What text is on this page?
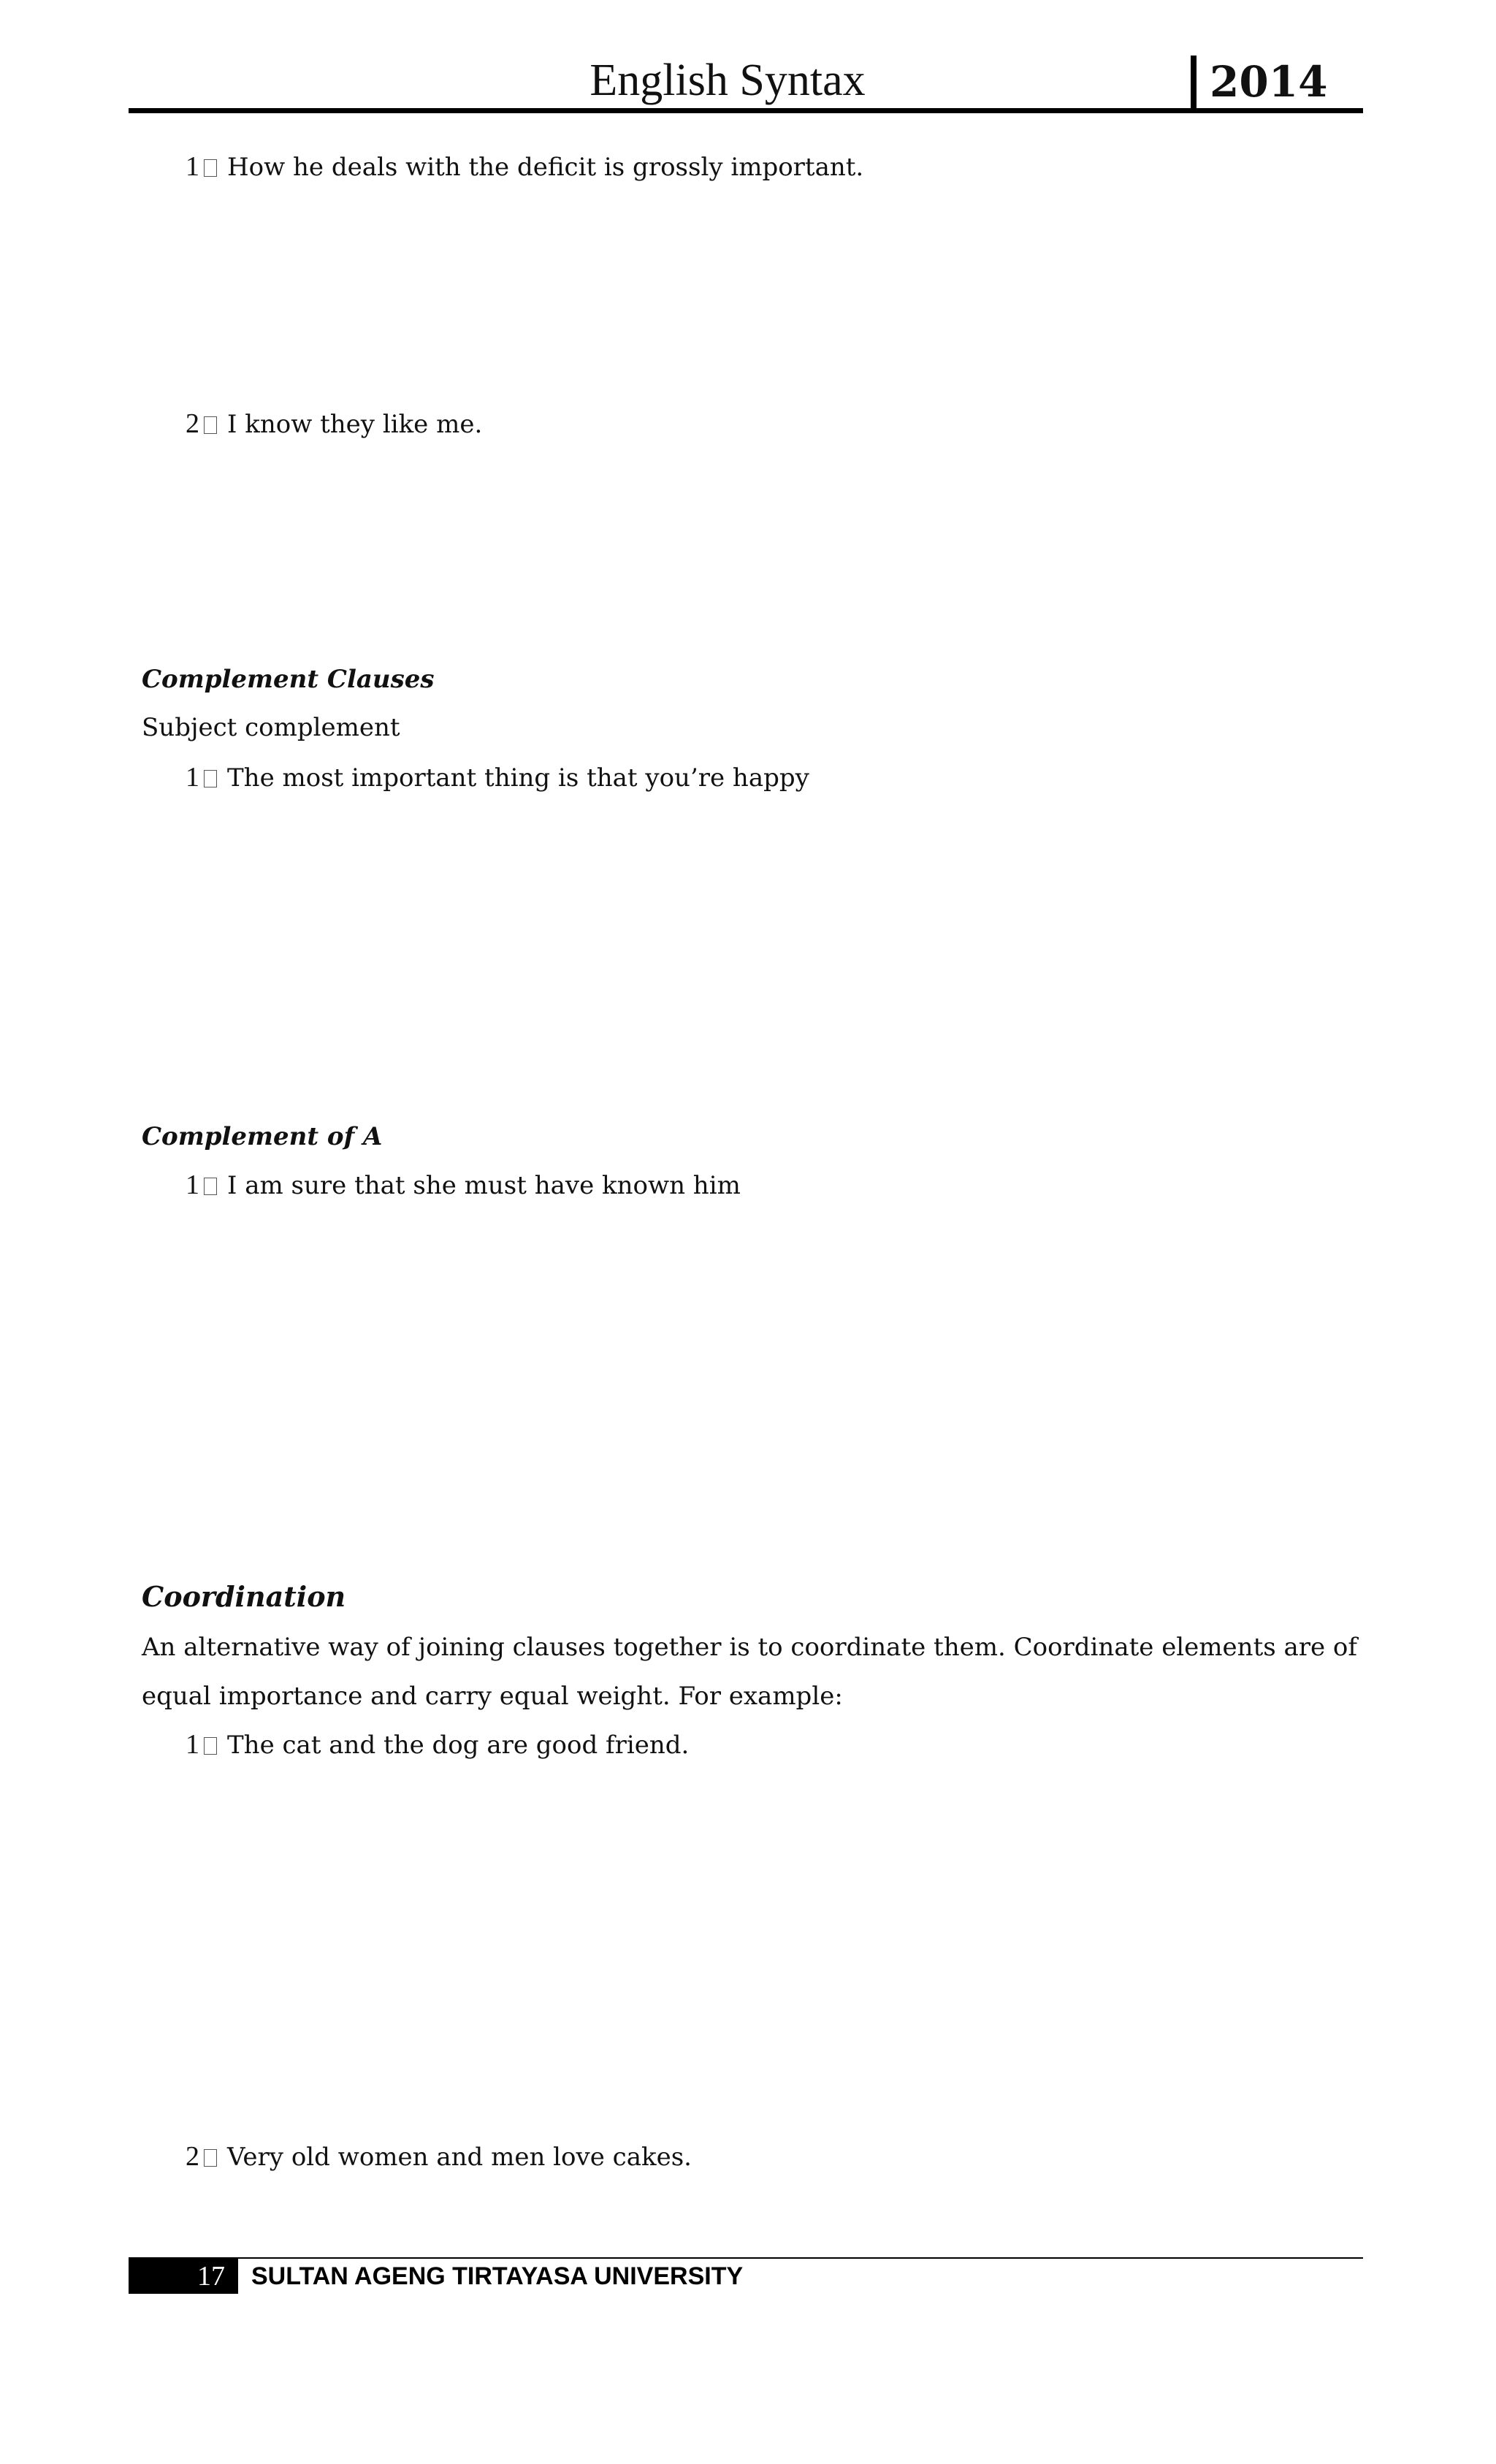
English Syntax	2014
1 How he deals with the deficit is grossly important.
2 I know they like me.
Complement Clauses
Subject complement
1 The most important thing is that you’re happy
Complement of A
1 I am sure that she must have known him
Coordination
An alternative way of joining clauses together is to coordinate them. Coordinate elements are of equal importance and carry equal weight. For example:
1 The cat and the dog are good friend.
2 Very old women and men love cakes.
17 SULTAN AGENG TIRTAYASA UNIVERSITY
